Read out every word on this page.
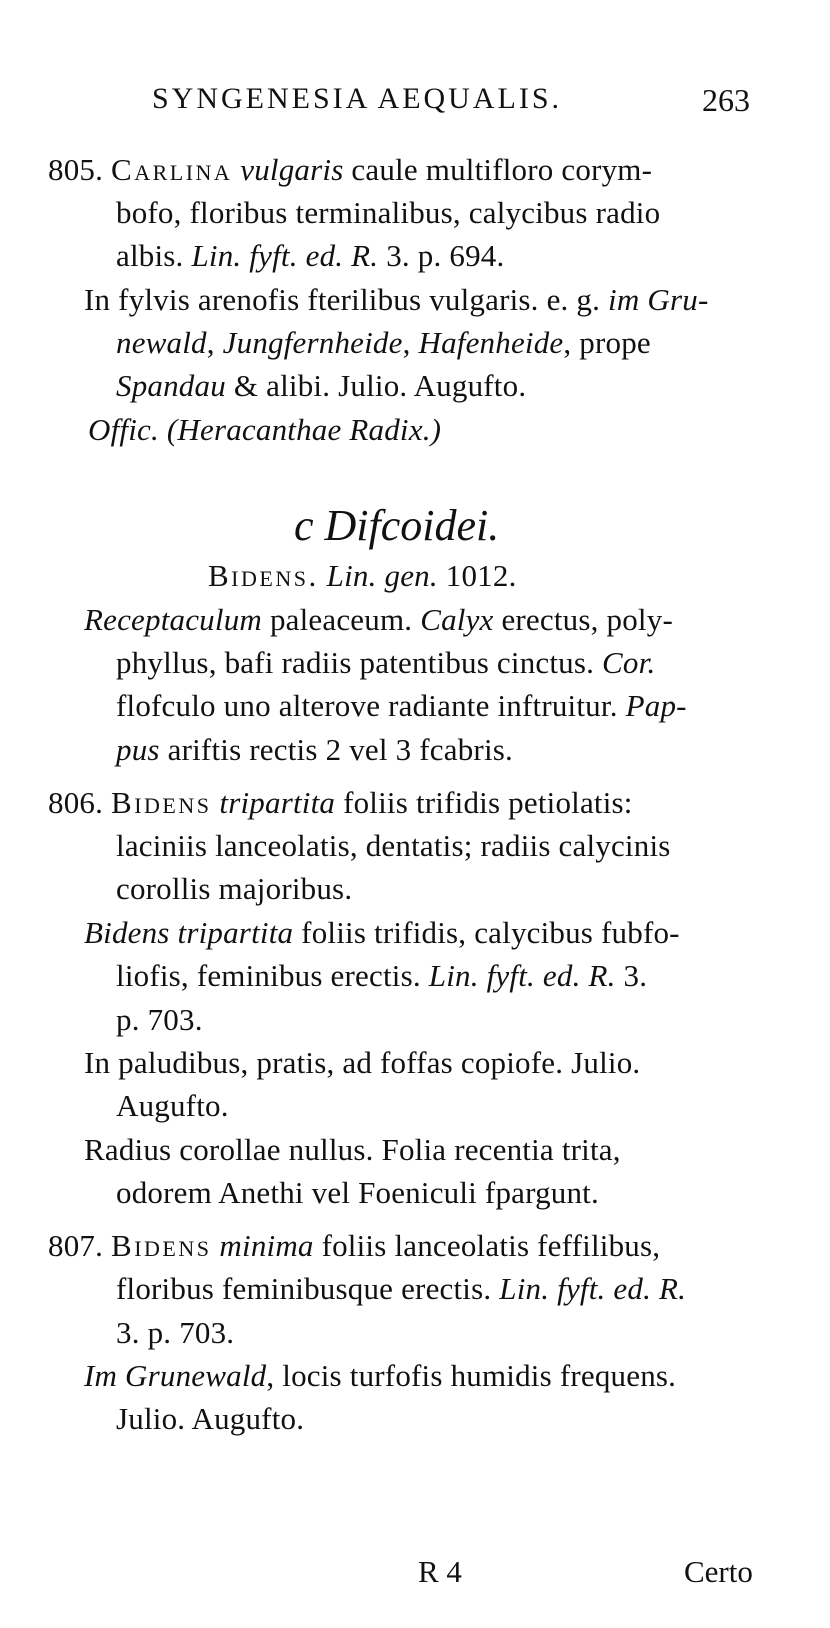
SYNGENESIA AEQUALIS.	263
805. Carlina vulgaris caule multifloro corym-
bofo, floribus terminalibus, calycibus radio
albis. Lin. fyft. ed. R. 3. p. 694.
In fylvis arenofis fterilibus vulgaris. e. g. im Gru-
newald, Jungfernheide, Hafenheide, prope
Spandau & alibi. Julio. Augufto.
Offic. (Heracanthae Radix.)
c Difcoidei.
Bidens. Lin. gen. 1012.
Receptaculum paleaceum. Calyx erectus, poly-
phyllus, bafi radiis patentibus cinctus. Cor.
flofculo uno alterove radiante inftruitur. Pap-
pus ariftis rectis 2 vel 3 fcabris.
806. Bidens tripartita foliis trifidis petiolatis:
laciniis lanceolatis, dentatis; radiis calycinis
corollis majoribus.
Bidens tripartita foliis trifidis, calycibus fubfo-
liofis, feminibus erectis. Lin. fyft. ed. R. 3.
p. 703.
In paludibus, pratis, ad foffas copiofe. Julio.
Augufto.
Radius corollae nullus. Folia recentia trita,
odorem Anethi vel Foeniculi fpargunt.
807. Bidens minima foliis lanceolatis feffilibus,
floribus feminibusque erectis. Lin. fyft. ed. R.
3. p. 703.
Im Grunewald, locis turfofis humidis frequens.
Julio. Augufto.
R 4	Certo
